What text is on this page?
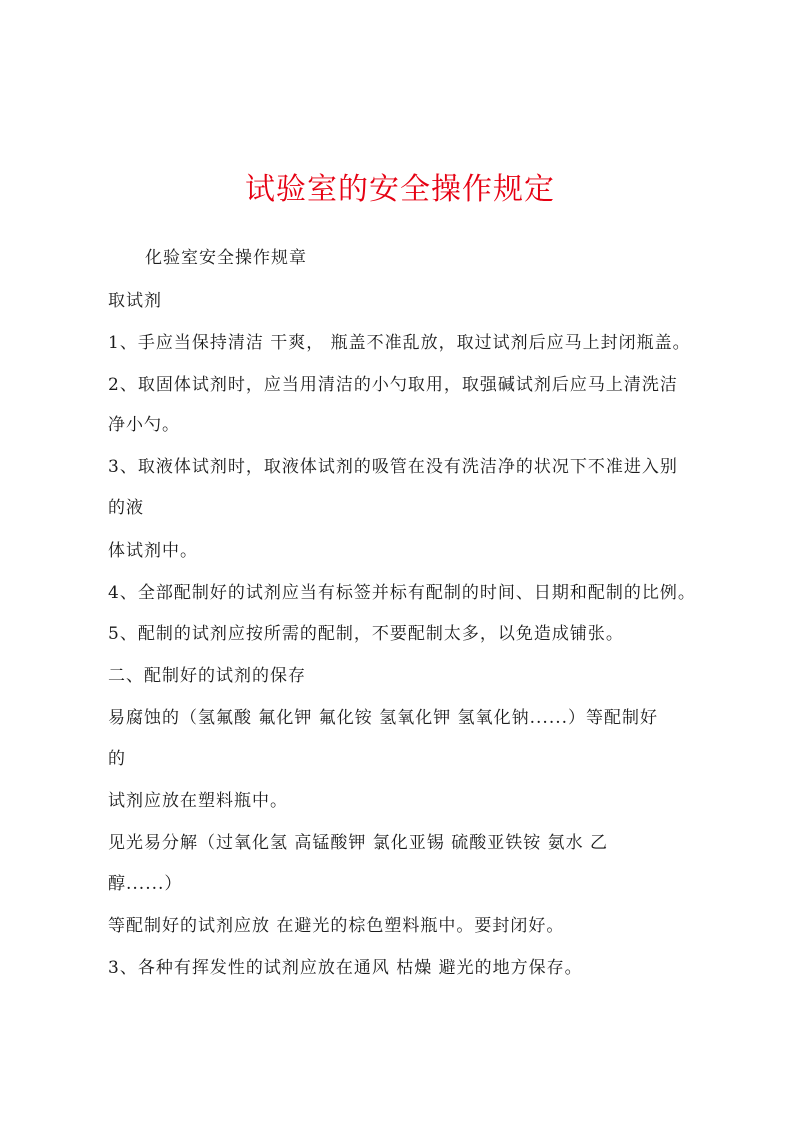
试验室的安全操作规定
化验室安全操作规章
取试剂
1、手应当保持清洁 干爽， 瓶盖不准乱放，取过试剂后应马上封闭瓶盖。
2、取固体试剂时，应当用清洁的小勺取用，取强碱试剂后应马上清洗洁
净小勺。
3、取液体试剂时，取液体试剂的吸管在没有洗洁净的状况下不准进入别
的液
体试剂中。
4、全部配制好的试剂应当有标签并标有配制的时间、日期和配制的比例。
5、配制的试剂应按所需的配制，不要配制太多，以免造成铺张。
二、配制好的试剂的保存
易腐蚀的（氢氟酸 氟化钾 氟化铵 氢氧化钾 氢氧化钠......）等配制好
的
试剂应放在塑料瓶中。
见光易分解（过氧化氢 高锰酸钾 氯化亚锡 硫酸亚铁铵 氨水 乙
醇......）
等配制好的试剂应放 在避光的棕色塑料瓶中。要封闭好。
3、各种有挥发性的试剂应放在通风 枯燥 避光的地方保存。
